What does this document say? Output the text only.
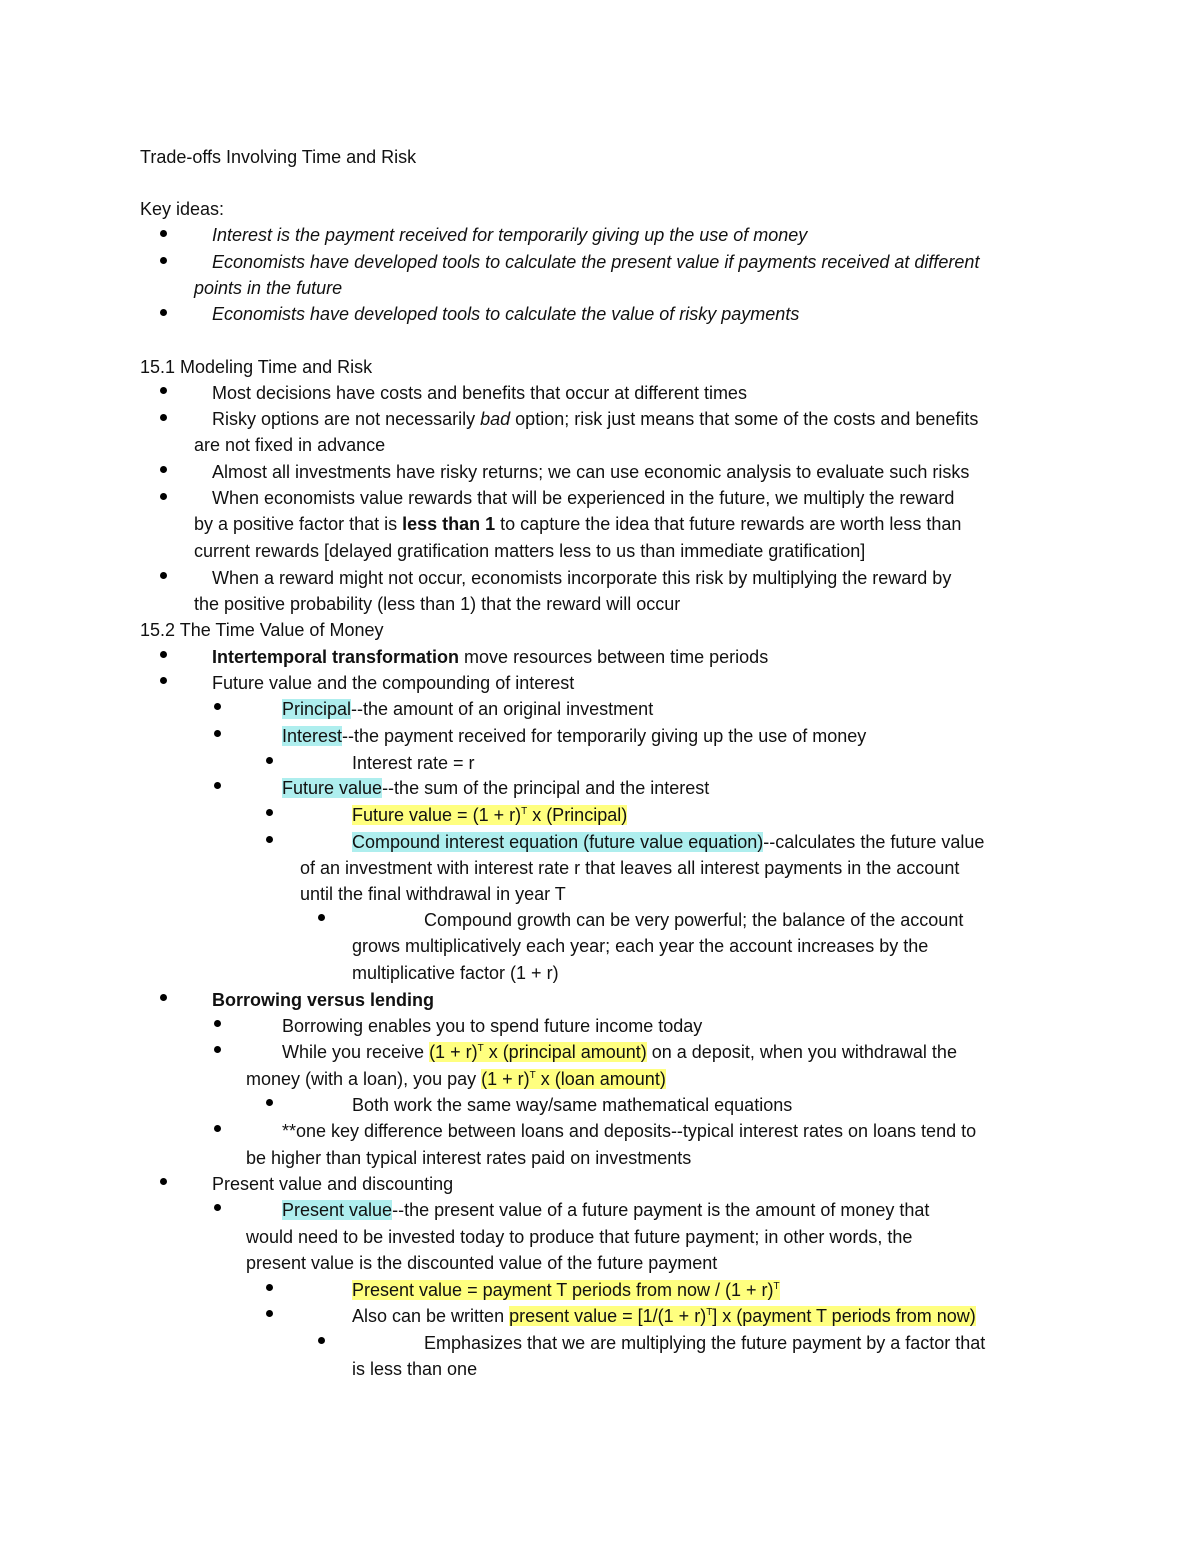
Trade-offs Involving Time and Risk
Key ideas:
Interest is the payment received for temporarily giving up the use of money
Economists have developed tools to calculate the present value if payments received at different
points in the future
Economists have developed tools to calculate the value of risky payments
15.1 Modeling Time and Risk
Most decisions have costs and benefits that occur at different times
Risky options are not necessarily bad option; risk just means that some of the costs and benefits
are not fixed in advance
Almost all investments have risky returns; we can use economic analysis to evaluate such risks
When economists value rewards that will be experienced in the future, we multiply the reward
by a positive factor that is less than 1 to capture the idea that future rewards are worth less than
current rewards [delayed gratification matters less to us than immediate gratification]
When a reward might not occur, economists incorporate this risk by multiplying the reward by
the positive probability (less than 1) that the reward will occur
15.2 The Time Value of Money
Intertemporal transformation move resources between time periods
Future value and the compounding of interest
Principal--the amount of an original investment
Interest--the payment received for temporarily giving up the use of money
Interest rate = r
Future value--the sum of the principal and the interest
Future value = $(1 + r)^T$ x (Principal)
Compound interest equation (future value equation)--calculates the future value
of an investment with interest rate r that leaves all interest payments in the account
until the final withdrawal in year T
Compound growth can be very powerful; the balance of the account
grows multiplicatively each year; each year the account increases by the
multiplicative factor (1 + r)
Borrowing versus lending
Borrowing enables you to spend future income today
While you receive $(1 + r)^T$ x (principal amount) on a deposit, when you withdrawal the
money (with a loan), you pay $(1 + r)^T$ x (loan amount)
Both work the same way/same mathematical equations
**one key difference between loans and deposits--typical interest rates on loans tend to
be higher than typical interest rates paid on investments
Present value and discounting
Present value--the present value of a future payment is the amount of money that
would need to be invested today to produce that future payment; in other words, the
present value is the discounted value of the future payment
Present value = payment T periods from now / $(1 + r)^T$
Also can be written present value = $[1/(1 + r)^T]$ x (payment T periods from now)
Emphasizes that we are multiplying the future payment by a factor that
is less than one
